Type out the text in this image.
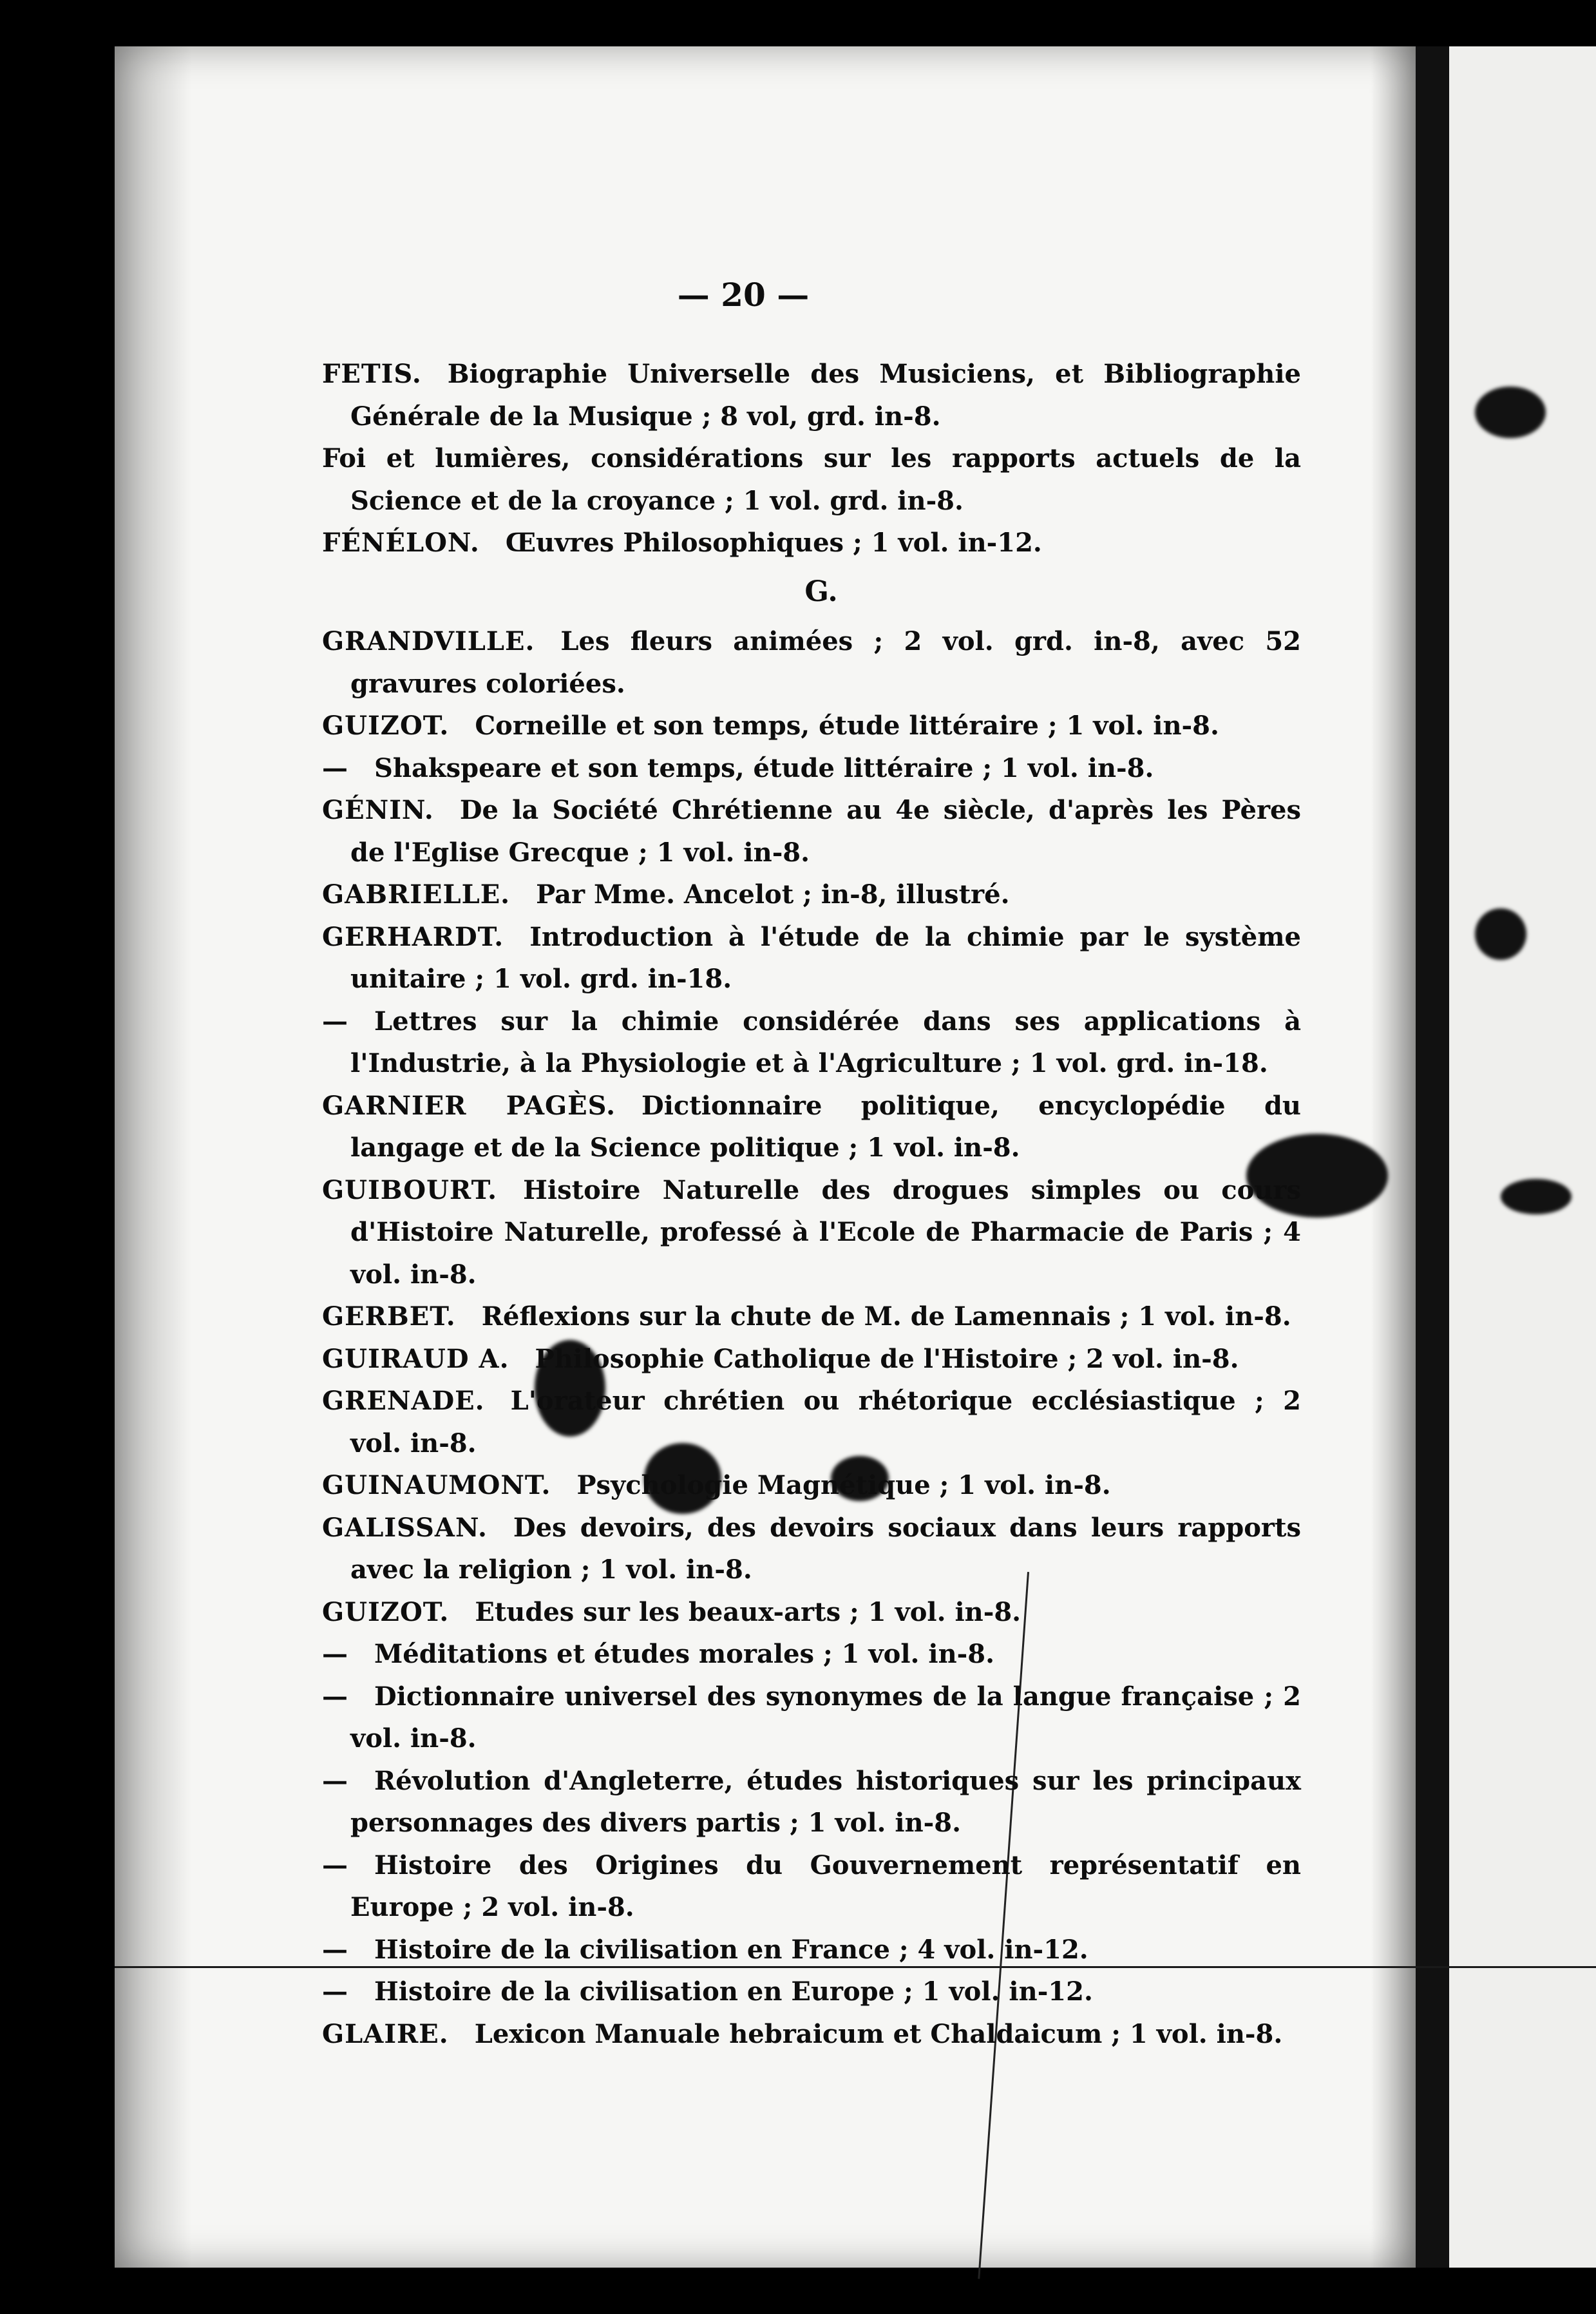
— 20 —

FETIS.  Biographie Universelle des Musiciens, et Bibliographie Générale de la Musique ; 8 vol, grd. in-8.

Foi et lumières, considérations sur les rapports actuels de la Science et de la croyance ; 1 vol. grd. in-8.

FÉNÉLON.  Œuvres Philosophiques ; 1 vol. in-12.

G.

GRANDVILLE.  Les fleurs animées ; 2 vol. grd. in-8, avec 52 gravures coloriées.

GUIZOT.  Corneille et son temps, étude littéraire ; 1 vol. in-8.

—  Shakspeare et son temps, étude littéraire ; 1 vol. in-8.

GÉNIN.  De la Société Chrétienne au 4e siècle, d'après les Pères de l'Eglise Grecque ; 1 vol. in-8.

GABRIELLE.  Par Mme. Ancelot ; in-8, illustré.

GERHARDT.  Introduction à l'étude de la chimie par le système unitaire ; 1 vol. grd. in-18.

—  Lettres sur la chimie considérée dans ses applications à l'Industrie, à la Physiologie et à l'Agriculture ; 1 vol. grd. in-18.

GARNIER PAGÈS.  Dictionnaire politique, encyclopédie du langage et de la Science politique ; 1 vol. in-8.

GUIBOURT.  Histoire Naturelle des drogues simples ou cours d'Histoire Naturelle, professé à l'Ecole de Pharmacie de Paris ; 4 vol. in-8.

GERBET.  Réflexions sur la chute de M. de Lamennais ; 1 vol. in-8.

GUIRAUD A.  Philosophie Catholique de l'Histoire ; 2 vol. in-8.

GRENADE.  L'orateur chrétien ou rhétorique ecclésiastique ; 2 vol. in-8.

GUINAUMONT.  Psychologie Magnétique ; 1 vol. in-8.

GALISSAN.  Des devoirs, des devoirs sociaux dans leurs rapports avec la religion ; 1 vol. in-8.

GUIZOT.  Etudes sur les beaux-arts ; 1 vol. in-8.

—  Méditations et études morales ; 1 vol. in-8.

—  Dictionnaire universel des synonymes de la langue française ; 2 vol. in-8.

—  Révolution d'Angleterre, études historiques sur les principaux personnages des divers partis ; 1 vol. in-8.

—  Histoire des Origines du Gouvernement représentatif en Europe ; 2 vol. in-8.

—  Histoire de la civilisation en France ; 4 vol. in-12.

—  Histoire de la civilisation en Europe ; 1 vol. in-12.

GLAIRE.  Lexicon Manuale hebraicum et Chaldaicum ; 1 vol. in-8.
